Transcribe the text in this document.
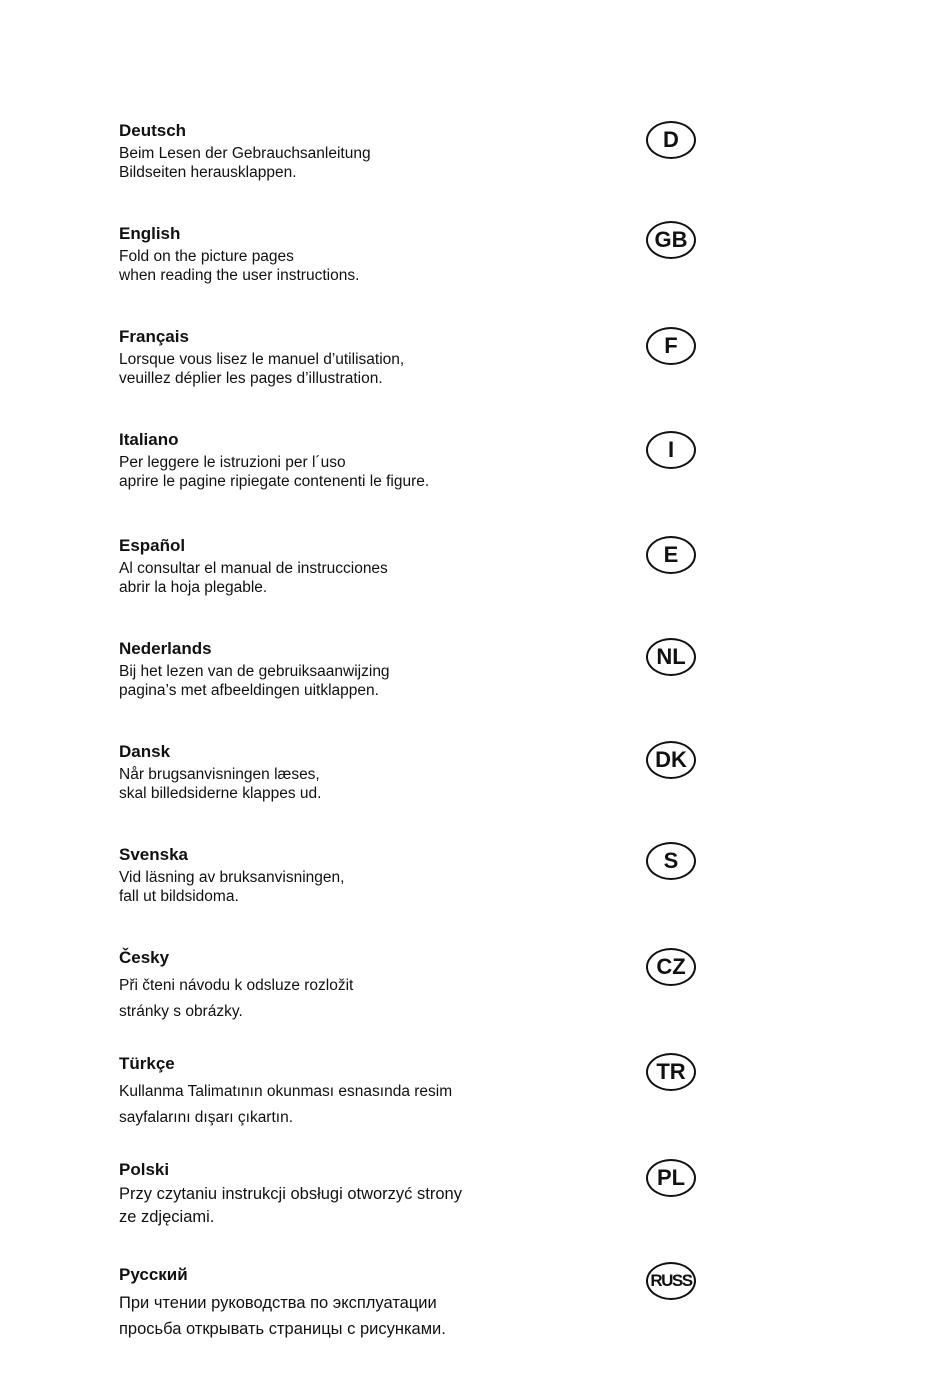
Deutsch
Beim Lesen der Gebrauchsanleitung
Bildseiten herausklappen.
D
English
Fold on the picture pages
when reading the user instructions.
GB
Français
Lorsque vous lisez le manuel d’utilisation,
veuillez déplier les pages d’illustration.
F
Italiano
Per leggere le istruzioni per l´uso
aprire le pagine ripiegate contenenti le figure.
I
Español
Al consultar el manual de instrucciones
abrir la hoja plegable.
E
Nederlands
Bij het lezen van de gebruiksaanwijzing
pagina’s met afbeeldingen uitklappen.
NL
Dansk
Når brugsanvisningen læses,
skal billedsiderne klappes ud.
DK
Svenska
Vid läsning av bruksanvisningen,
fall ut bildsidoma.
S
Česky
Při čteni návodu k odsluze rozložit
stránky s obrázky.
CZ
Türkçe
Kullanma Talimatının okunması esnasında resim
sayfalarını dışarı çıkartın.
TR
Polski
Przy czytaniu instrukcji obsługi otworzyć strony
ze zdjęciami.
PL
Русский
При чтении руководства по эксплуатации
просьба открывать страницы с рисунками.
RUSS
